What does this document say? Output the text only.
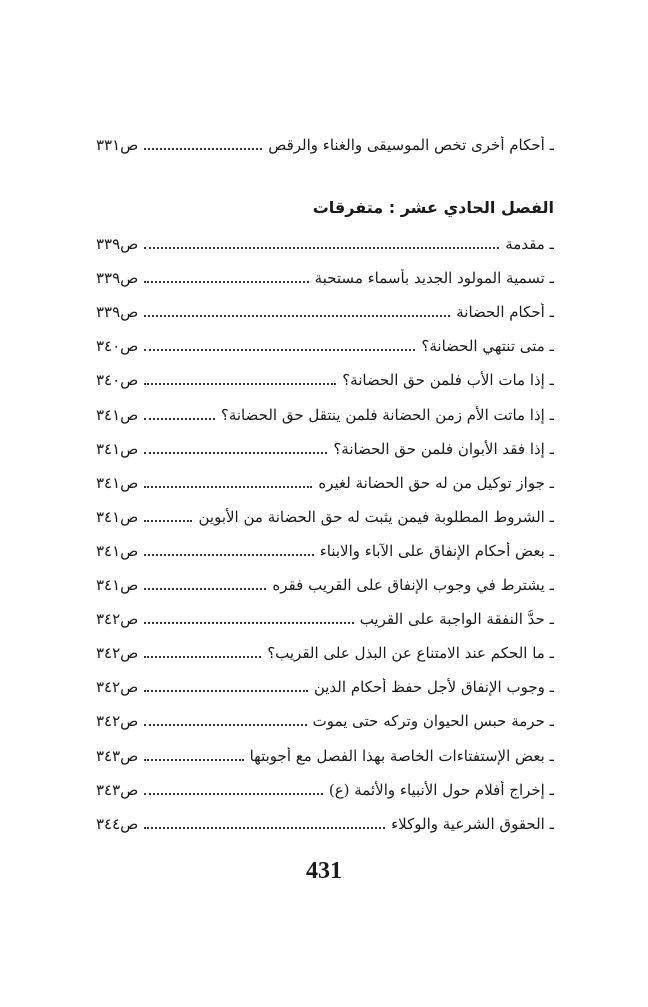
ـ أحكام أخرى تخص الموسيقى والغناء والرقص
ص٣٣١
الفصل الحادي عشر : متفرقات
ـ مقدمة
ص٣٣٩
ـ تسمية المولود الجديد بأسماء مستحبة
ص٣٣٩
ـ أحكام الحضانة
ص٣٣٩
ـ متى تنتهي الحضانة؟
ص٣٤٠
ـ إذا مات الأب فلمن حق الحضانة؟
ص٣٤٠
ـ إذا ماتت الأم زمن الحضانة فلمن ينتقل حق الحضانة؟
ص٣٤١
ـ إذا فقد الأبوان فلمن حق الحضانة؟
ص٣٤١
ـ جواز توكيل من له حق الحضانة لغيره
ص٣٤١
ـ الشروط المطلوبة فيمن يثبت له حق الحضانة من الأبوين
ص٣٤١
ـ بعض أحكام الإنفاق على الآباء والابناء
ص٣٤١
ـ يشترط في وجوب الإنفاق على القريب فقره
ص٣٤١
ـ حدُّ النفقة الواجبة على القريب
ص٣٤٢
ـ ما الحكم عند الامتناع عن البذل على القريب؟
ص٣٤٢
ـ وجوب الإنفاق لأجل حفظ أحكام الدين
ص٣٤٢
ـ حرمة حبس الحيوان وتركه حتى يموت
ص٣٤٢
ـ بعض الإستفتاءات الخاصة بهذا الفصل مع أجوبتها
ص٣٤٣
ـ إخراج أفلام حول الأنبياء والأئمة (ع)
ص٣٤٣
ـ الحقوق الشرعية والوكلاء
ص٣٤٤
431
